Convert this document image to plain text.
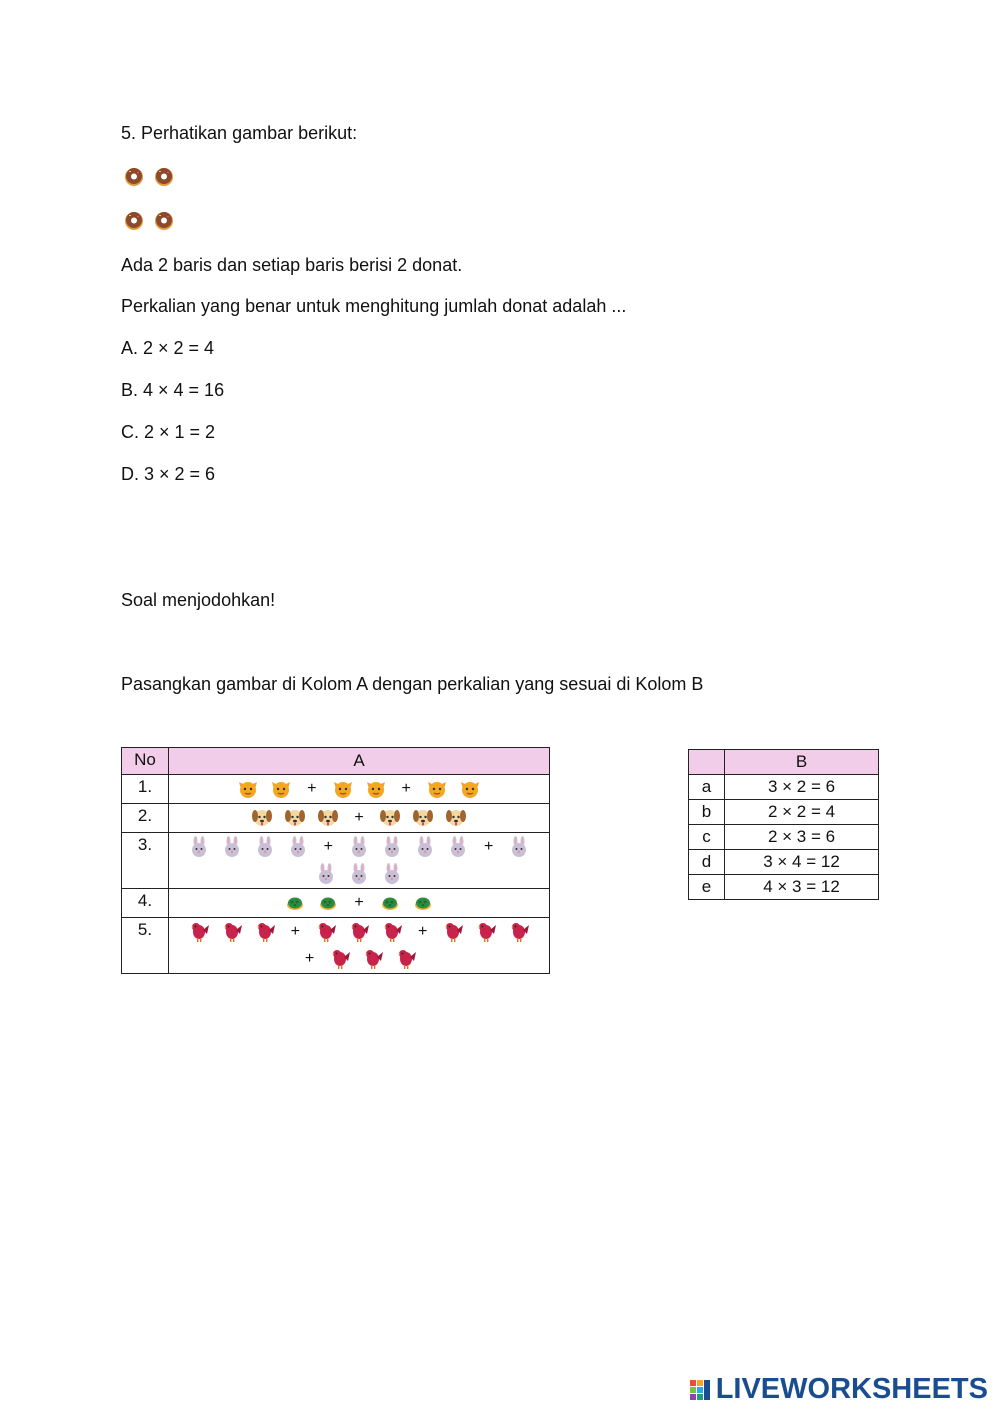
5. Perhatikan gambar berikut:
Ada 2 baris dan setiap baris berisi 2 donat.
Perkalian yang benar untuk menghitung jumlah donat adalah ...
A. 2 × 2 = 4
B. 4 × 4 = 16
C. 2 × 1 = 2
D. 3 × 2 = 6
Soal menjodohkan!
Pasangkan gambar di Kolom A dengan perkalian yang sesuai di Kolom B
No	A
1.	+ +

2.	+

3.	+ +

4.	+

5.	+ +
+
	B
a	3 × 2 = 6
b	2 × 2 = 4
c	2 × 3 = 6
d	3 × 4 = 12
e	4 × 3 = 12
LIVEWORKSHEETS
